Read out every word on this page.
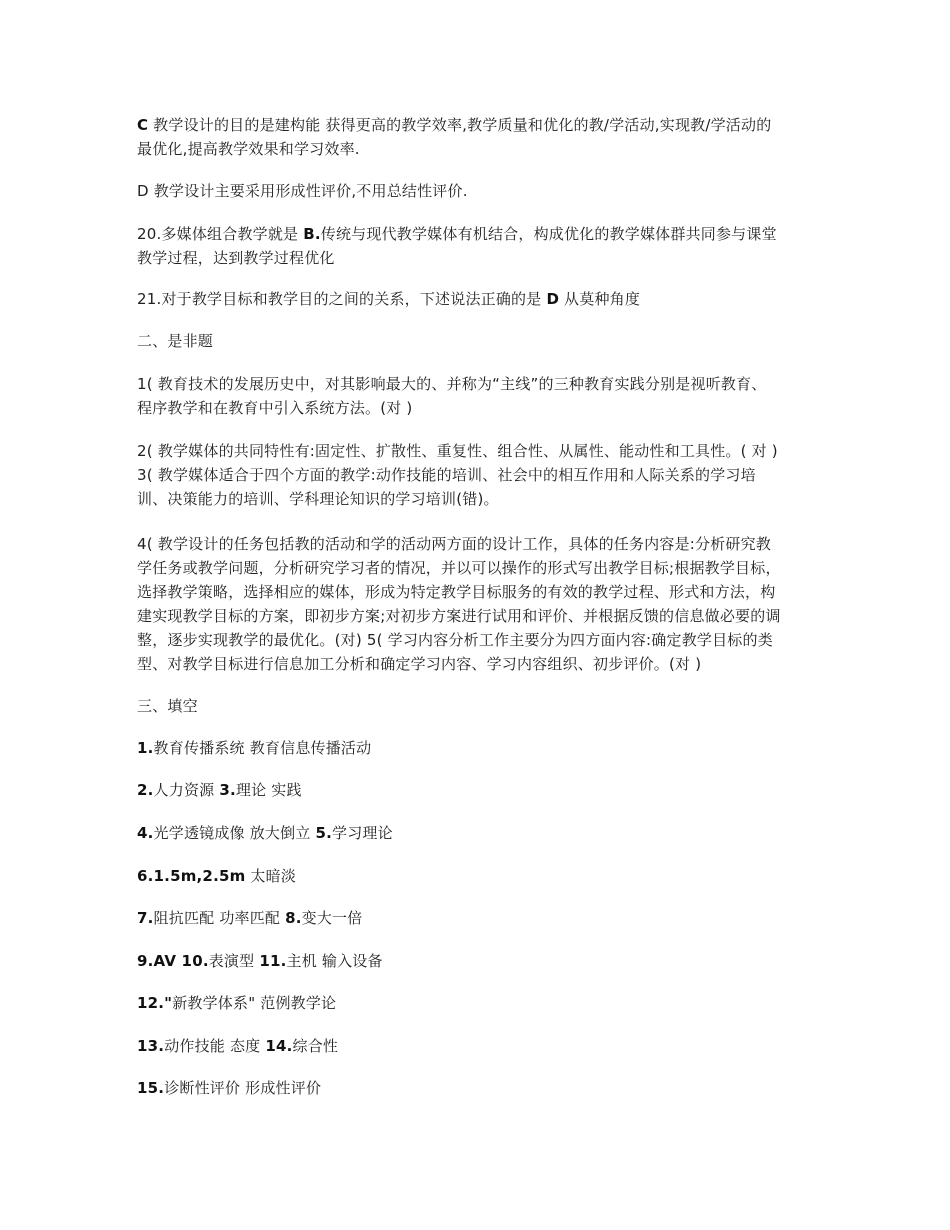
C 教学设计的目的是建构能 获得更高的教学效率,教学质量和优化的教/学活动,实现教/学活动的
最优化,提高教学效果和学习效率.
D 教学设计主要采用形成性评价,不用总结性评价.
20.多媒体组合教学就是 B.传统与现代教学媒体有机结合，构成优化的教学媒体群共同参与课堂
教学过程，达到教学过程优化
21.对于教学目标和教学目的之间的关系，下述说法正确的是 D 从莫种角度
二、是非题
1( 教育技术的发展历史中，对其影响最大的、并称为“主线”的三种教育实践分别是视听教育、
程序教学和在教育中引入系统方法。(对 )
2( 教学媒体的共同特性有:固定性、扩散性、重复性、组合性、从属性、能动性和工具性。( 对 )
3( 教学媒体适合于四个方面的教学:动作技能的培训、社会中的相互作用和人际关系的学习培
训、决策能力的培训、学科理论知识的学习培训(错)。
4( 教学设计的任务包括教的活动和学的活动两方面的设计工作，具体的任务内容是:分析研究教
学任务或教学问题，分析研究学习者的情况，并以可以操作的形式写出教学目标;根据教学目标，
选择教学策略，选择相应的媒体，形成为特定教学目标服务的有效的教学过程、形式和方法，构
建实现教学目标的方案，即初步方案;对初步方案进行试用和评价、并根据反馈的信息做必要的调
整，逐步实现教学的最优化。(对) 5( 学习内容分析工作主要分为四方面内容:确定教学目标的类
型、对教学目标进行信息加工分析和确定学习内容、学习内容组织、初步评价。(对 )
三、填空
1.教育传播系统 教育信息传播活动
2.人力资源 3.理论 实践
4.光学透镜成像 放大倒立 5.学习理论
6.1.5m,2.5m 太暗淡
7.阻抗匹配 功率匹配 8.变大一倍
9.AV 10.表演型 11.主机 输入设备
12."新教学体系" 范例教学论
13.动作技能 态度 14.综合性
15.诊断性评价 形成性评价
